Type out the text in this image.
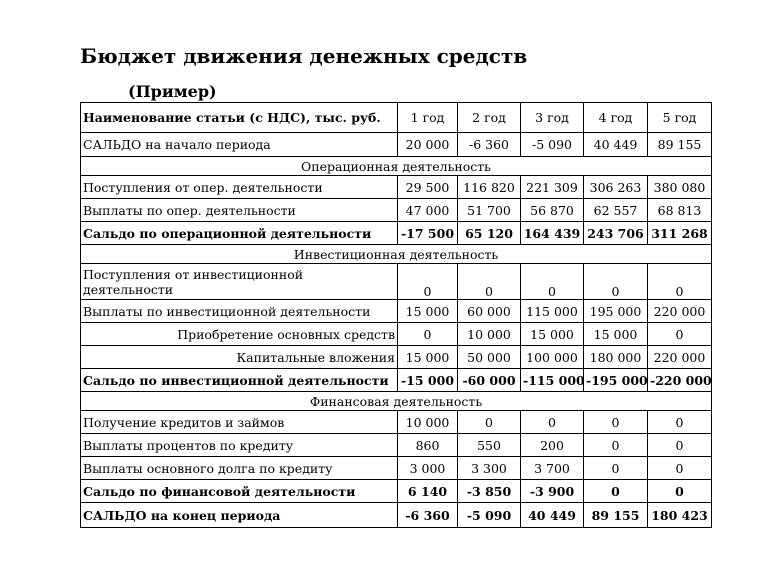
Бюджет движения денежных средств
(Пример)
Наименование статьи (с НДС), тыс. руб.	1 год	2 год	3 год	4 год	5 год
САЛЬДО на начало периода	20 000	-6 360	-5 090	40 449	89 155
Операционная деятельность					
Поступления от опер. деятельности	29 500	116 820	221 309	306 263	380 080
Выплаты по опер. деятельности	47 000	51 700	56 870	62 557	68 813
Сальдо по операционной деятельности	-17 500	65 120	164 439	243 706	311 268
Инвестиционная деятельность					
Поступления от инвестиционной деятельности	0	0	0	0	0
Выплаты по инвестиционной деятельности	15 000	60 000	115 000	195 000	220 000
Приобретение основных средств	0	10 000	15 000	15 000	0
Капитальные вложения	15 000	50 000	100 000	180 000	220 000
Сальдо по инвестиционной деятельности	-15 000	-60 000	-115 000	-195 000	-220 000
Финансовая деятельность					
Получение кредитов и займов	10 000	0	0	0	0
Выплаты процентов по кредиту	860	550	200	0	0
Выплаты основного долга по кредиту	3 000	3 300	3 700	0	0
Сальдо по финансовой деятельности	6 140	-3 850	-3 900	0	0
САЛЬДО на конец периода	-6 360	-5 090	40 449	89 155	180 423
